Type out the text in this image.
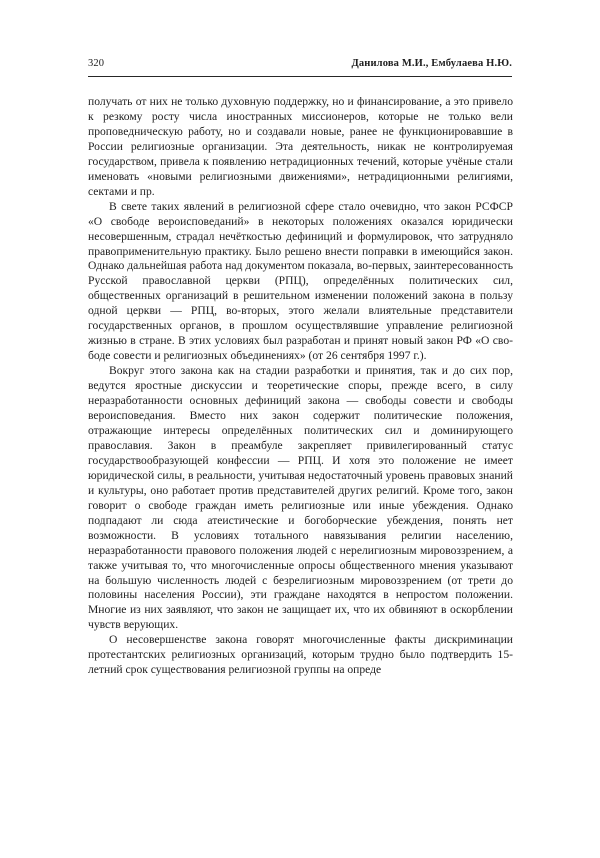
320	Данилова М.И., Ембулаева Н.Ю.

получать от них не только духовную поддержку, но и финансирование, а это привело к резкому росту числа иностранных миссионеров, которые не только вели проповедническую работу, но и создавали новые, ранее не функционировавшие в России религиозные организации. Эта деятельность, никак не контролируемая государством, привела к появлению нетрадиционных течений, которые учёные стали именовать «новыми религиозными движениями», нетрадиционными религиями, сектами и пр.

В свете таких явлений в религиозной сфере стало очевидно, что закон РСФСР «О свободе вероисповеданий» в некоторых положениях оказался юридически несовершенным, страдал нечёткостью дефиниций и формулировок, что затрудняло правоприменительную практику. Было решено внести поправки в имеющийся закон. Однако дальнейшая работа над документом показала, во-первых, заинтересованность Русской православной церкви (РПЦ), определённых политических сил, общественных организаций в решительном изменении положений закона в пользу одной церкви — РПЦ, во-вторых, этого желали влиятельные представители государственных органов, в прошлом осуществлявшие управление религиозной жизнью в стране. В этих условиях был разработан и принят новый закон РФ «О свободе совести и религиозных объединениях» (от 26 сентября 1997 г.).

Вокруг этого закона как на стадии разработки и принятия, так и до сих пор, ведутся яростные дискуссии и теоретические споры, прежде всего, в силу неразработанности основных дефиниций закона — свободы совести и свободы вероисповедания. Вместо них закон содержит политические положения, отражающие интересы определённых политических сил и доминирующего православия. Закон в преамбуле закрепляет привилегированный статус государствообразующей конфессии — РПЦ. И хотя это положение не имеет юридической силы, в реальности, учитывая недостаточный уровень правовых знаний и культуры, оно работает против представителей других религий. Кроме того, закон говорит о свободе граждан иметь религиозные или иные убеждения. Однако подпадают ли сюда атеистические и богоборческие убеждения, понять нет возможности. В условиях тотального навязывания религии населению, неразработанности правового положения людей с нерелигиозным мировоззрением, а также учитывая то, что многочисленные опросы общественного мнения указывают на большую численность людей с безрелигиозным мировоззрением (от трети до половины населения России), эти граждане находятся в непростом положении. Многие из них заявляют, что закон не защищает их, что их обвиняют в оскорблении чувств верующих.

О несовершенстве закона говорят многочисленные факты дискриминации протестантских религиозных организаций, которым трудно было подтвердить 15-летний срок существования религиозной группы на опреде
